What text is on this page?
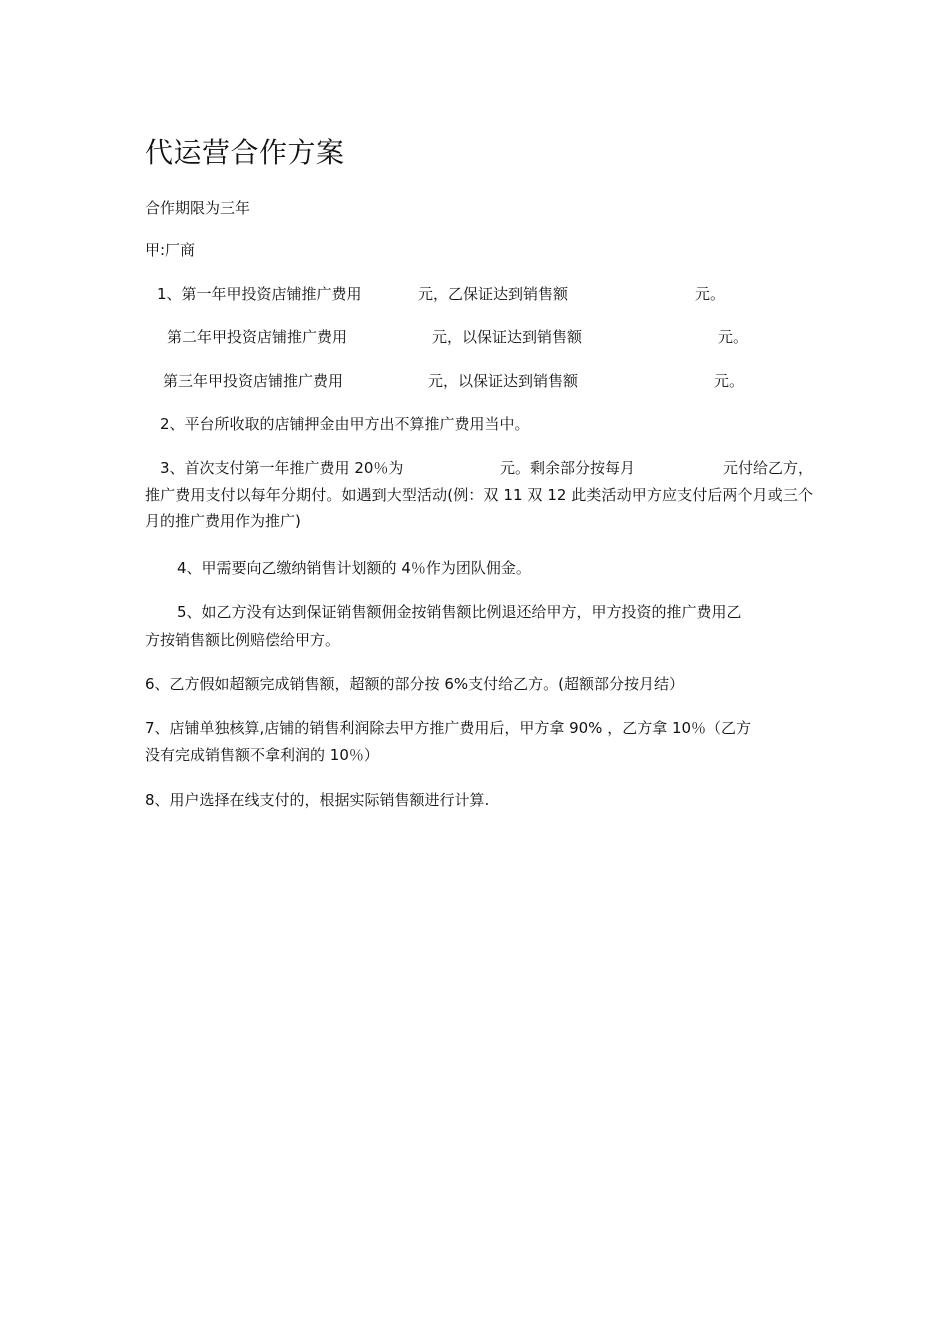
代运营合作方案
合作期限为三年
甲:厂商
1、第一年甲投资店铺推广费用	元，乙保证达到销售额	元。
第二年甲投资店铺推广费用	元，以保证达到销售额	元。
第三年甲投资店铺推广费用	元，以保证达到销售额	元。
2、平台所收取的店铺押金由甲方出不算推广费用当中。
3、首次支付第一年推广费用 20％为	元。剩余部分按每月	元付给乙方，
推广费用支付以每年分期付。如遇到大型活动(例：双 11 双 12 此类活动甲方应支付后两个月或三个月的推广费用作为推广)
4、甲需要向乙缴纳销售计划额的 4％作为团队佣金。
5、如乙方没有达到保证销售额佣金按销售额比例退还给甲方，甲方投资的推广费用乙
方按销售额比例赔偿给甲方。
6、乙方假如超额完成销售额，超额的部分按 6%支付给乙方。(超额部分按月结）
7、店铺单独核算,店铺的销售利润除去甲方推广费用后，甲方拿 90% ，乙方拿 10％（乙方
没有完成销售额不拿利润的 10％）
8、用户选择在线支付的，根据实际销售额进行计算.
